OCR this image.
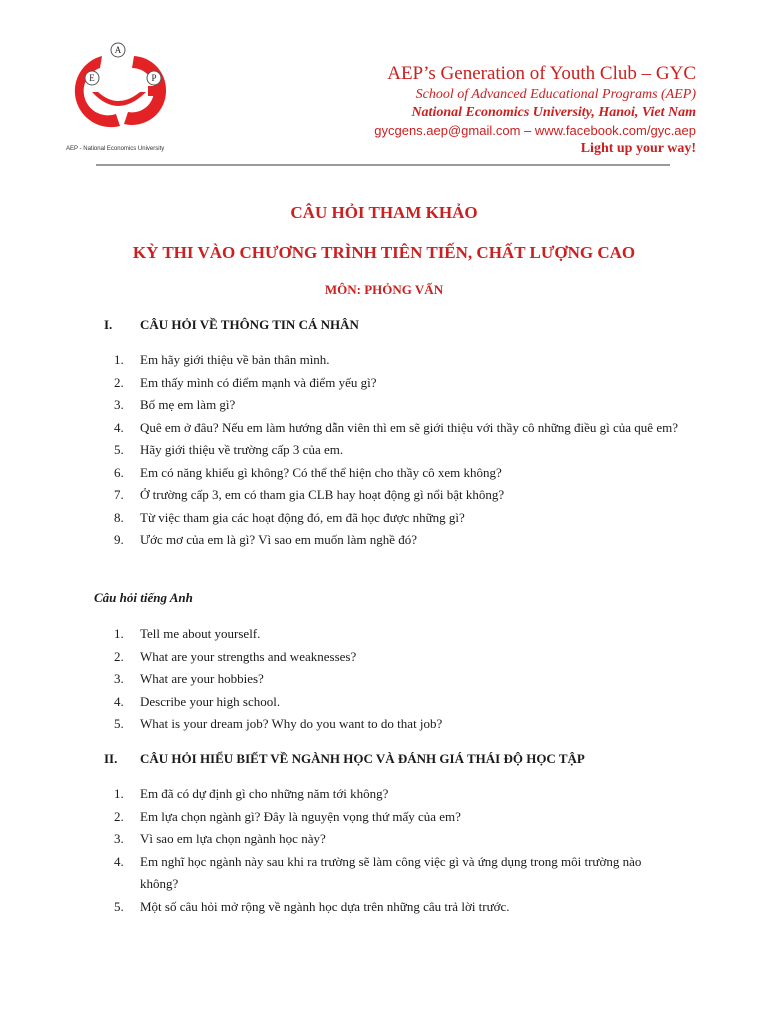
A
E	P
AEP - National Economics University
AEP’s Generation of Youth Club – GYC
School of Advanced Educational Programs (AEP)
National Economics University, Hanoi, Viet Nam
gycgens.aep@gmail.com – www.facebook.com/gyc.aep
Light up your way!
CÂU HỎI THAM KHẢO
KỲ THI VÀO CHƯƠNG TRÌNH TIÊN TIẾN, CHẤT LƯỢNG CAO
MÔN: PHỎNG VẤN
I. CÂU HỎI VỀ THÔNG TIN CÁ NHÂN
1. Em hãy giới thiệu về bản thân mình.
2. Em thấy mình có điểm mạnh và điểm yếu gì?
3. Bố mẹ em làm gì?
4. Quê em ở đâu? Nếu em làm hướng dẫn viên thì em sẽ giới thiệu với thầy cô những điều gì của quê em?
5. Hãy giới thiệu về trường cấp 3 của em.
6. Em có năng khiếu gì không? Có thể thể hiện cho thầy cô xem không?
7. Ở trường cấp 3, em có tham gia CLB hay hoạt động gì nổi bật không?
8. Từ việc tham gia các hoạt động đó, em đã học được những gì?
9. Ước mơ của em là gì? Vì sao em muốn làm nghề đó?
Câu hỏi tiếng Anh
1. Tell me about yourself.
2. What are your strengths and weaknesses?
3. What are your hobbies?
4. Describe your high school.
5. What is your dream job? Why do you want to do that job?
II. CÂU HỎI HIỂU BIẾT VỀ NGÀNH HỌC VÀ ĐÁNH GIÁ THÁI ĐỘ HỌC TẬP
1. Em đã có dự định gì cho những năm tới không?
2. Em lựa chọn ngành gì? Đây là nguyện vọng thứ mấy của em?
3. Vì sao em lựa chọn ngành học này?
4. Em nghĩ học ngành này sau khi ra trường sẽ làm công việc gì và ứng dụng trong môi trường nào không?
5. Một số câu hỏi mở rộng về ngành học dựa trên những câu trả lời trước.
